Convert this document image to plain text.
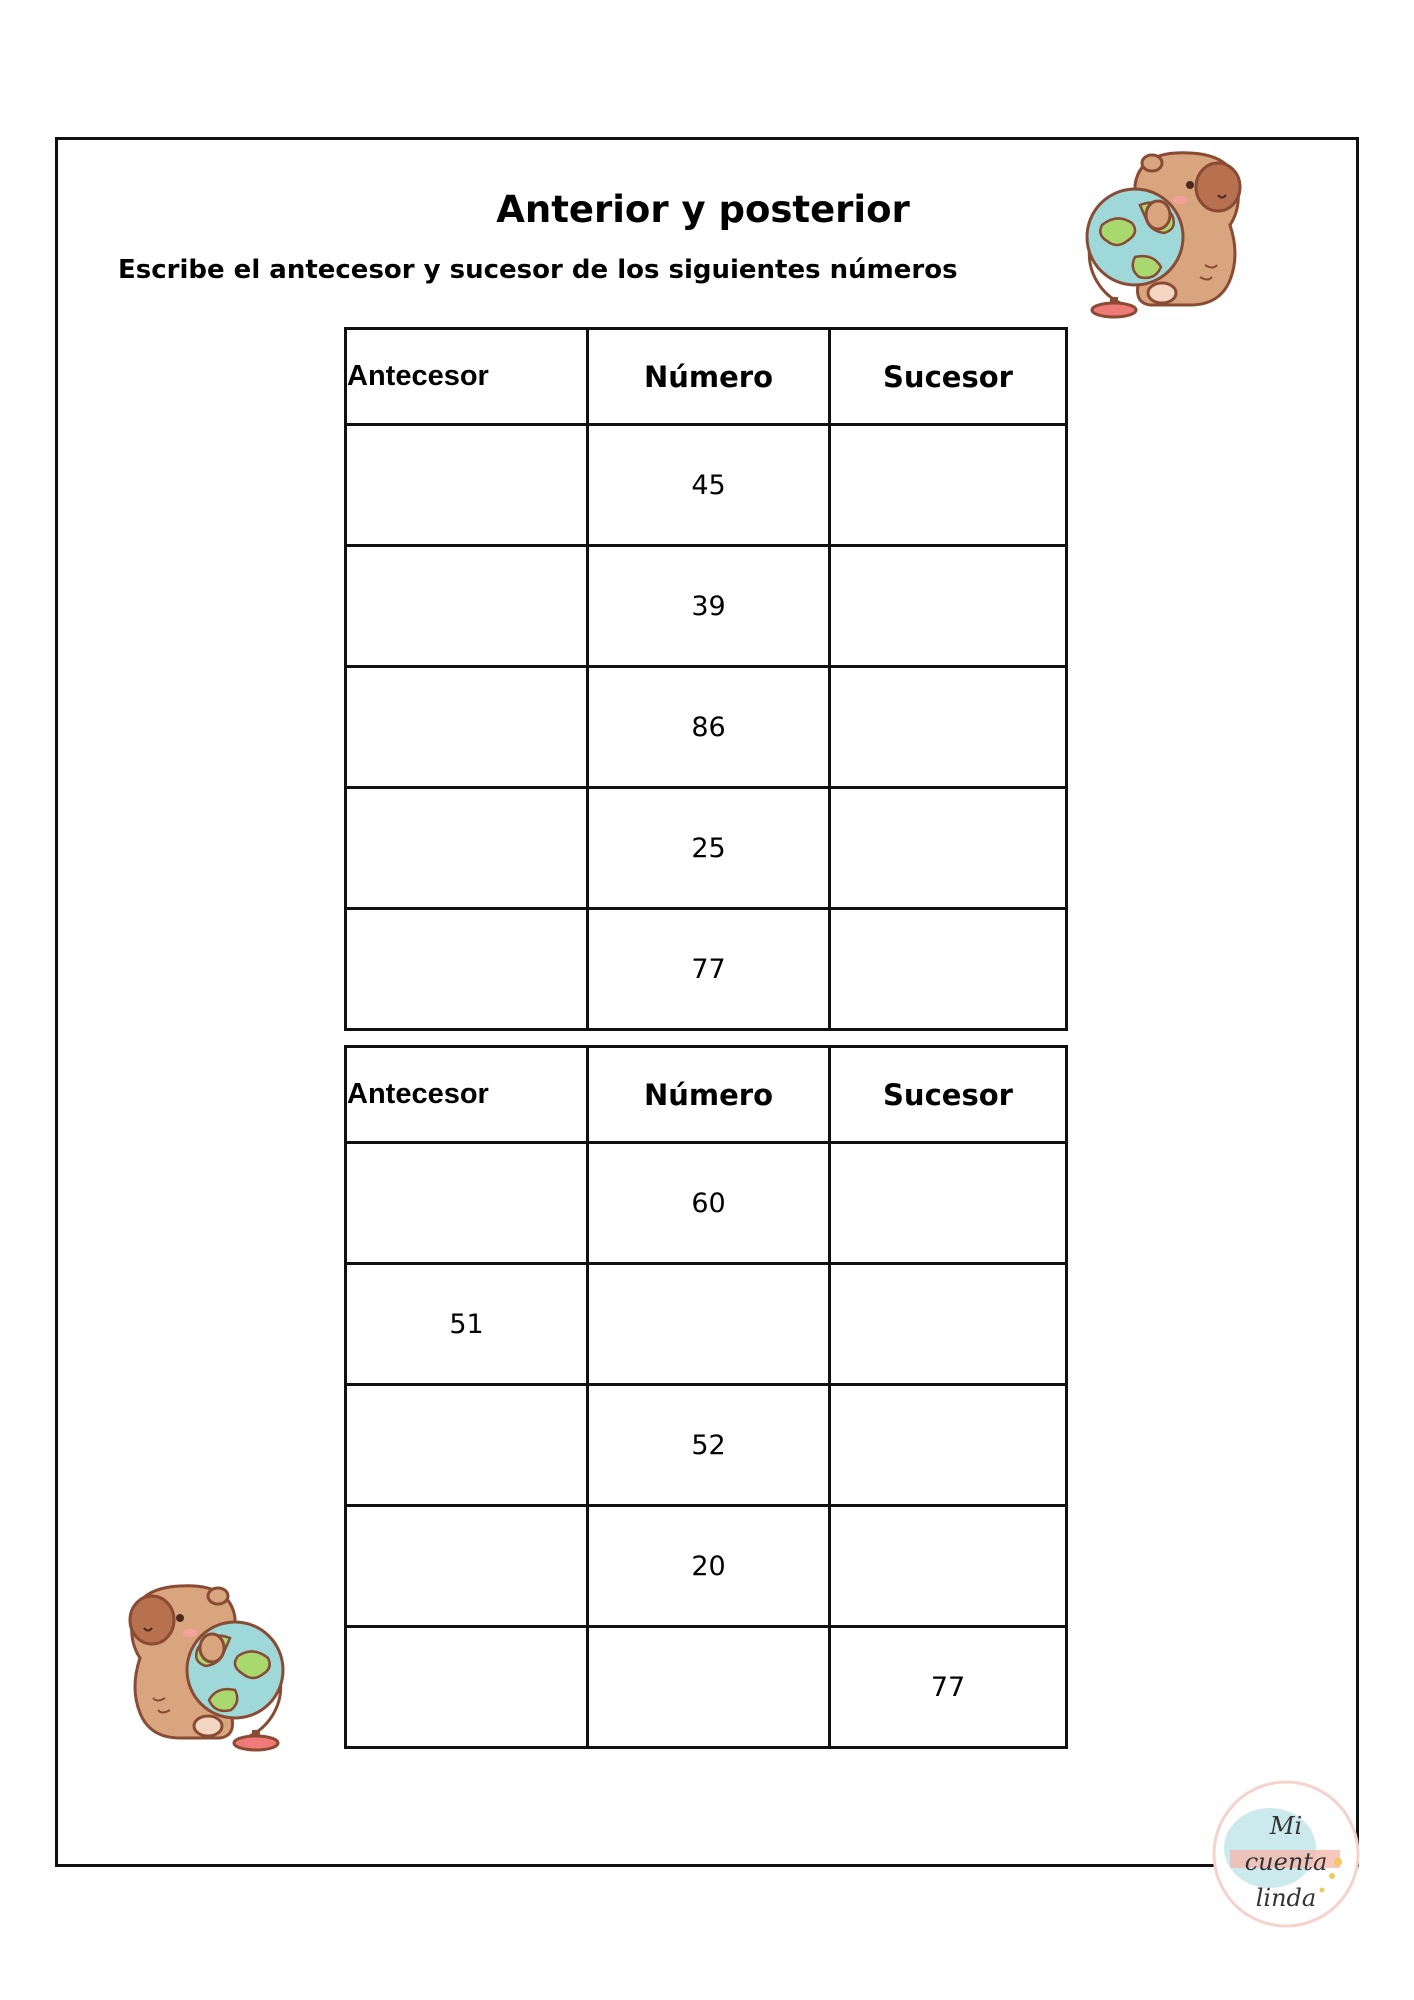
Anterior y posterior
Escribe el antecesor y sucesor de los siguientes números
Antecesor	Número	Sucesor
	45	
	39	
	86	
	25	
	77	
Antecesor	Número	Sucesor
	60	
51		
	52	
	20	
		77
Mi
cuenta
linda
